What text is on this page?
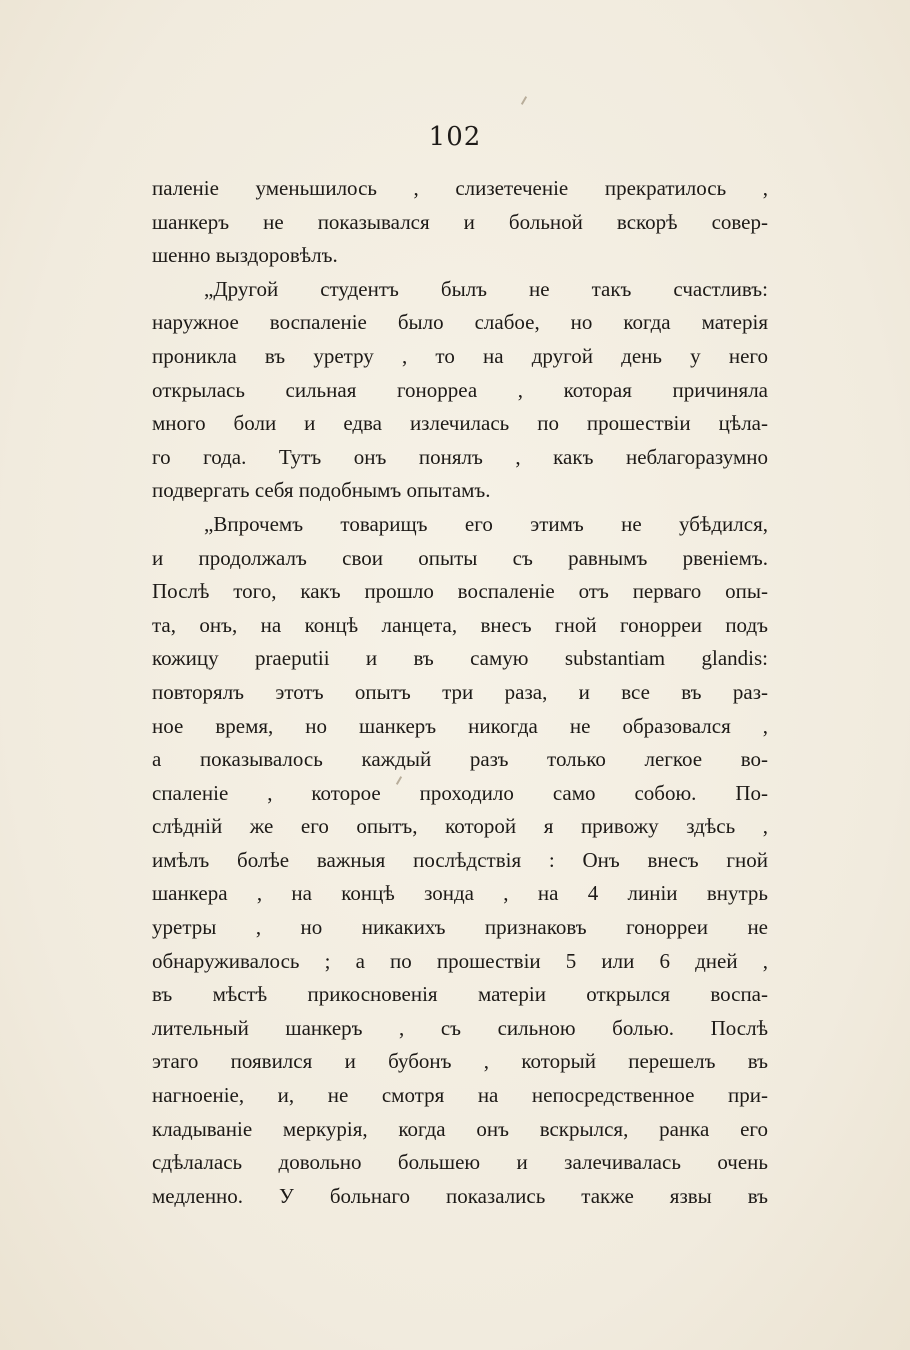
102
паленіе уменьшилось , слизетеченіе прекратилось ,
шанкеръ не показывался и больной вскорѣ совер-
шенно выздоровѣлъ.
„Другой студентъ былъ не такъ счастливъ:
наружное воспаленіе было слабое, но когда матерія
проникла въ уретру , то на другой день у него
открылась сильная гонорреа , которая причиняла
много боли и едва излечилась по прошествіи цѣла-
го года. Тутъ онъ понялъ , какъ неблагоразумно
подвергать себя подобнымъ опытамъ.
„Впрочемъ товарищъ его этимъ не убѣдился,
и продолжалъ свои опыты съ равнымъ рвеніемъ.
Послѣ того, какъ прошло воспаленіе отъ перваго опы-
та, онъ, на концѣ ланцета, внесъ гной гонорреи подъ
кожицу praeputii и въ самую substantiam glandis:
повторялъ этотъ опытъ три раза, и все въ раз-
ное время, но шанкеръ никогда не образовался ,
а показывалось каждый разъ только легкое во-
спаленіе , которое проходило само собою. По-
слѣдній же его опытъ, которой я привожу здѣсь ,
имѣлъ болѣе важныя послѣдствія : Онъ внесъ гной
шанкера , на концѣ зонда , на 4 линіи внутрь
уретры , но никакихъ признаковъ гонорреи не
обнаруживалось ; а по прошествіи 5 или 6 дней ,
въ мѣстѣ прикосновенія матеріи открылся воспа-
лительный шанкеръ , съ сильною болью. Послѣ
этаго появился и бубонъ , который перешелъ въ
нагноеніе, и, не смотря на непосредственное при-
кладываніе меркурія, когда онъ вскрылся, ранка его
сдѣлалась довольно большею и залечивалась очень
медленно. У больнаго показались также язвы въ
